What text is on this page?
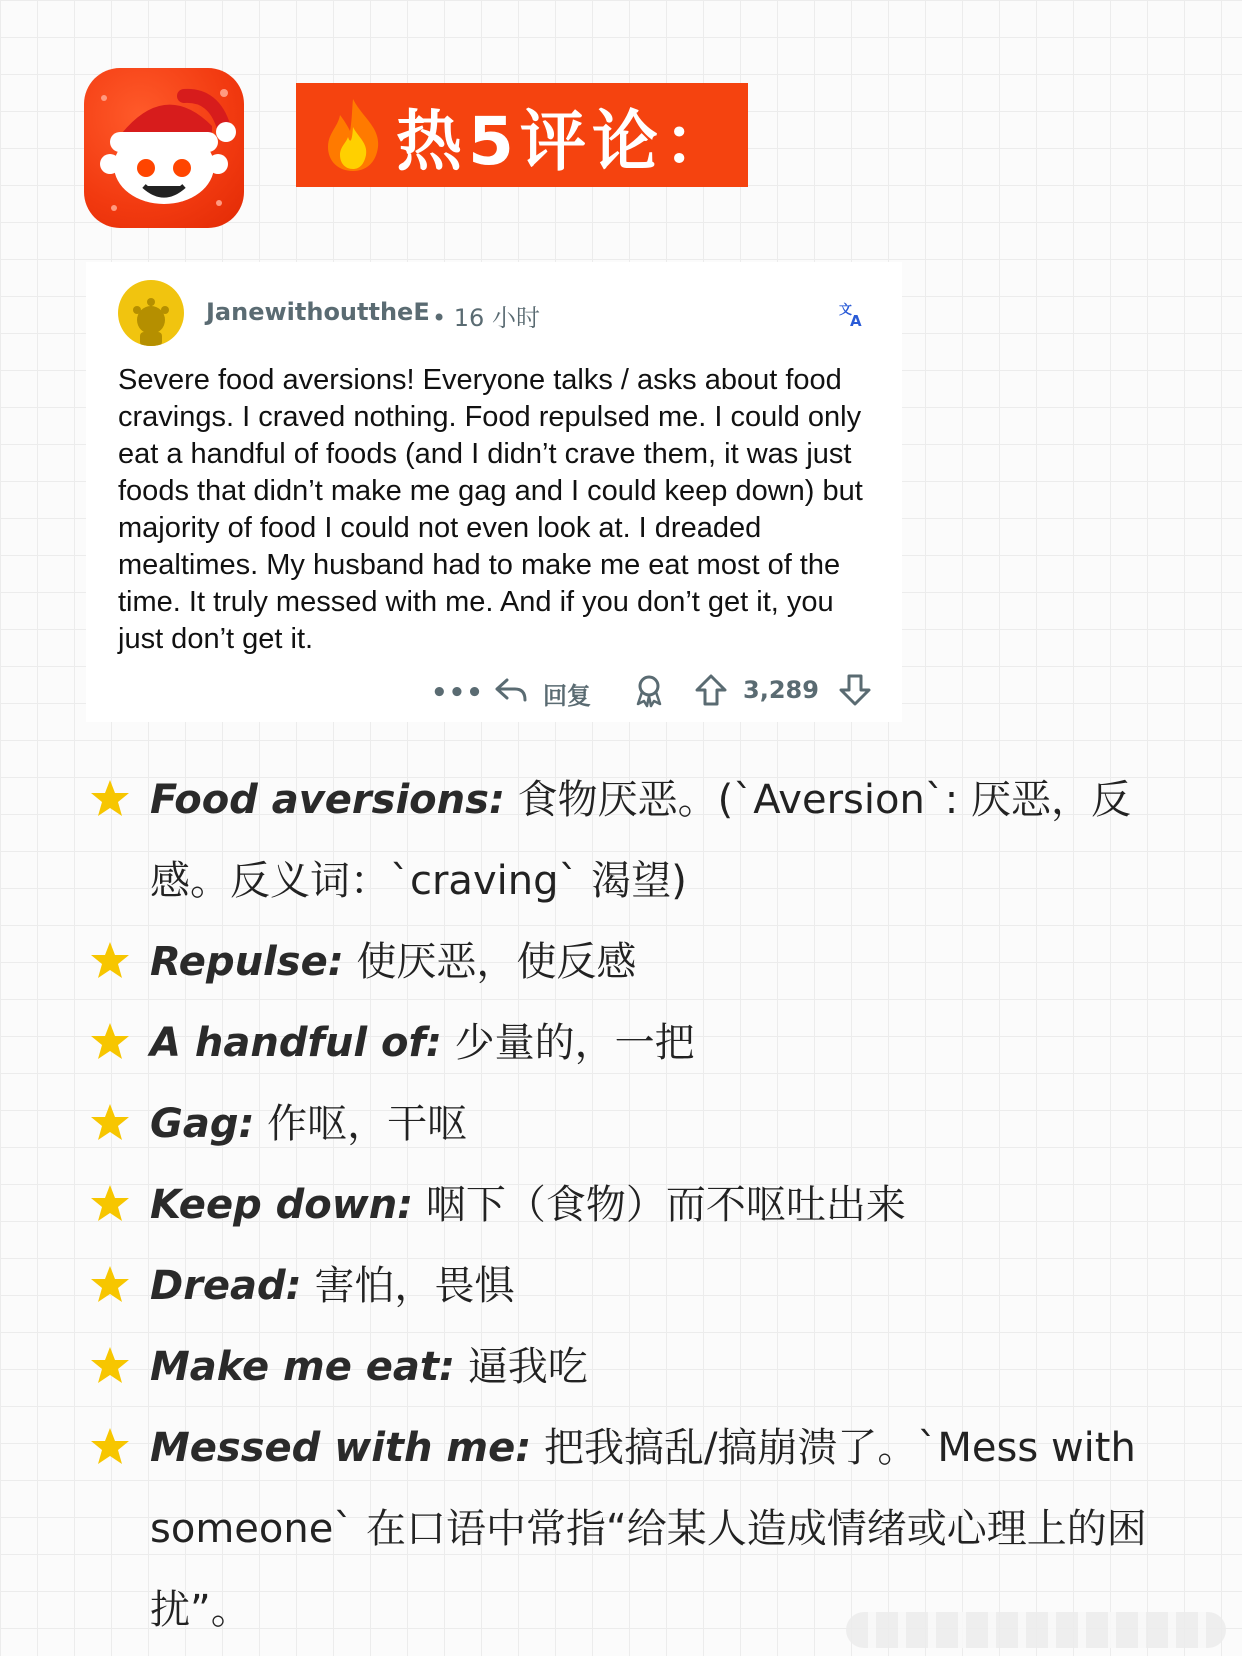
热5评论：
JanewithouttheE • 16 小时	文
A
Severe food aversions! Everyone talks / asks about food cravings. I craved nothing. Food repulsed me. I could only eat a handful of foods (and I didn’t crave them, it was just foods that didn’t make me gag and I could keep down) but majority of food I could not even look at. I dreaded mealtimes. My husband had to make me eat most of the time. It truly messed with me. And if you don’t get it, you just don’t get it.
••• 回复	3,289
Food aversions: 食物厌恶。(`Aversion`: 厌恶，反感。反义词：`craving` 渴望)
Repulse: 使厌恶，使反感
A handful of: 少量的，一把
Gag: 作呕，干呕
Keep down: 咽下（食物）而不呕吐出来
Dread: 害怕，畏惧
Make me eat: 逼我吃
Messed with me: 把我搞乱/搞崩溃了。`Mess with someone` 在口语中常指“给某人造成情绪或心理上的困扰”。
